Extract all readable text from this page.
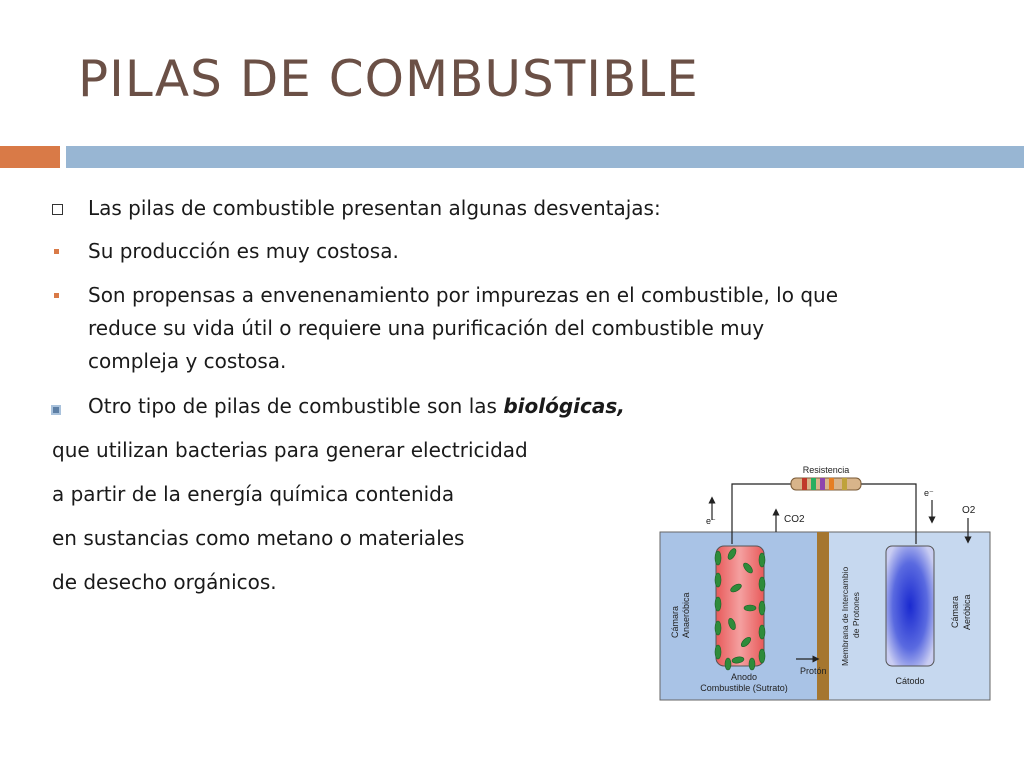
PILAS DE COMBUSTIBLE
Las pilas de combustible presentan algunas desventajas:
Su producción es muy costosa.
Son propensas a envenenamiento por impurezas en el combustible, lo que
reduce su vida útil o requiere una purificación del combustible muy
compleja y costosa.
Otro tipo de pilas de combustible son las biológicas,
que utilizan bacterias para generar electricidad
a partir de la energía química contenida
en sustancias como metano o materiales
de desecho orgánicos.
Resistencia
e⁻
e⁻
CO2
O2
Cámara Anaeróbica	Membrana de Intercambio de Protones	Cámara Aeróbica
Protón
Anodo
Combustible (Sutrato)
Cátodo
